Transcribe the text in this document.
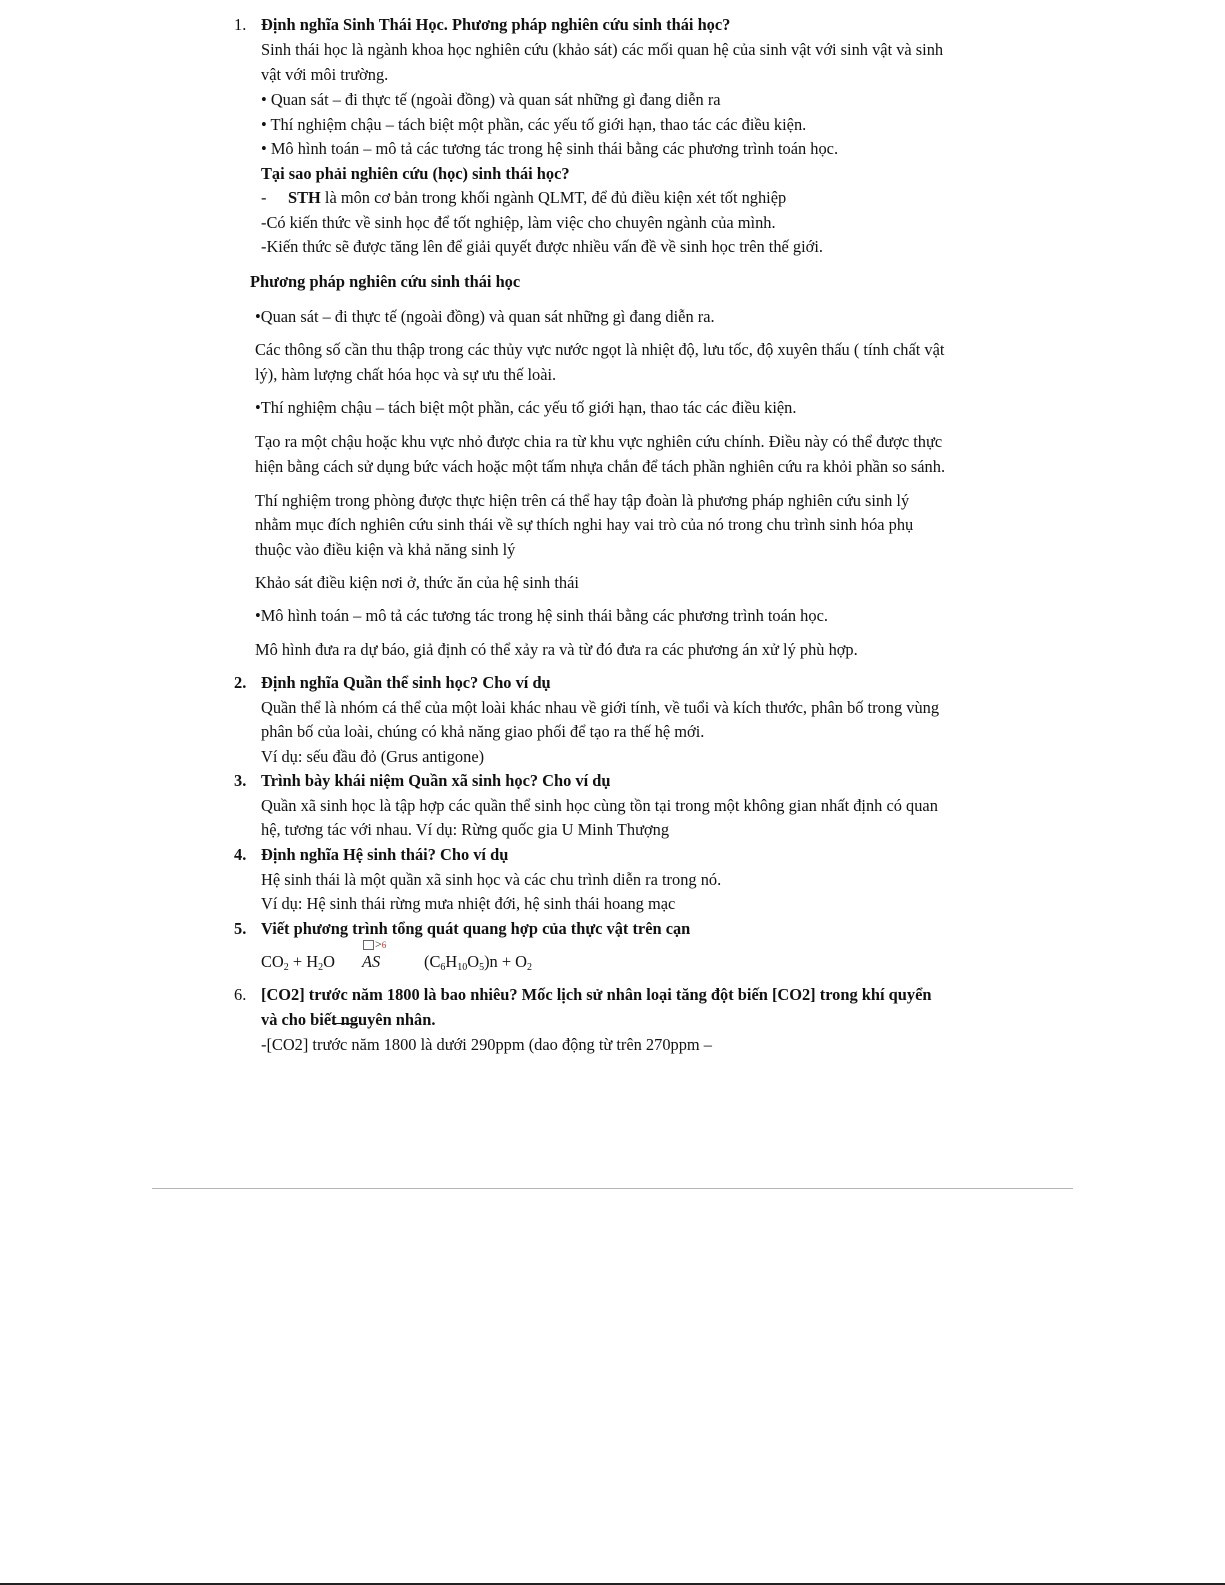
1. Định nghĩa Sinh Thái Học. Phương pháp nghiên cứu sinh thái học?
Sinh thái học là ngành khoa học nghiên cứu (khảo sát) các mối quan hệ của sinh vật với sinh vật và sinh
vật với môi trường.
• Quan sát – đi thực tế (ngoài đồng) và quan sát những gì đang diễn ra
• Thí nghiệm chậu – tách biệt một phần, các yếu tố giới hạn, thao tác các điều kiện.
• Mô hình toán – mô tả các tương tác trong hệ sinh thái bằng các phương trình toán học.
Tại sao phải nghiên cứu (học) sinh thái học?
- STH là môn cơ bản trong khối ngành QLMT, để đủ điều kiện xét tốt nghiệp
-Có kiến thức về sinh học để tốt nghiệp, làm việc cho chuyên ngành của mình.
-Kiến thức sẽ được tăng lên để giải quyết được nhiều vấn đề về sinh học trên thế giới.
Phương pháp nghiên cứu sinh thái học
•Quan sát – đi thực tế (ngoài đồng) và quan sát những gì đang diễn ra.
Các thông số cần thu thập trong các thủy vực nước ngọt là nhiệt độ, lưu tốc, độ xuyên thấu ( tính chất vật
lý), hàm lượng chất hóa học và sự ưu thế loài.
•Thí nghiệm chậu – tách biệt một phần, các yếu tố giới hạn, thao tác các điều kiện.
Tạo ra một chậu hoặc khu vực nhỏ được chia ra từ khu vực nghiên cứu chính. Điều này có thể được thực
hiện bằng cách sử dụng bức vách hoặc một tấm nhựa chắn để tách phần nghiên cứu ra khỏi phần so sánh.
Thí nghiệm trong phòng được thực hiện trên cá thể hay tập đoàn là phương pháp nghiên cứu sinh lý
nhằm mục đích nghiên cứu sinh thái về sự thích nghi hay vai trò của nó trong chu trình sinh hóa phụ
thuộc vào điều kiện và khả năng sinh lý
Khảo sát điều kiện nơi ở, thức ăn của hệ sinh thái
•Mô hình toán – mô tả các tương tác trong hệ sinh thái bằng các phương trình toán học.
Mô hình đưa ra dự báo, giả định có thể xảy ra và từ đó đưa ra các phương án xử lý phù hợp.
2. Định nghĩa Quần thể sinh học? Cho ví dụ
Quần thể là nhóm cá thể của một loài khác nhau về giới tính, về tuổi và kích thước, phân bố trong vùng
phân bố của loài, chúng có khả năng giao phối để tạo ra thế hệ mới.
Ví dụ: sếu đầu đỏ (Grus antigone)
3. Trình bày khái niệm Quần xã sinh học? Cho ví dụ
Quần xã sinh học là tập hợp các quần thể sinh học cùng tồn tại trong một không gian nhất định có quan
hệ, tương tác với nhau. Ví dụ: Rừng quốc gia U Minh Thượng
4. Định nghĩa Hệ sinh thái? Cho ví dụ
Hệ sinh thái là một quần xã sinh học và các chu trình diễn ra trong nó.
Ví dụ: Hệ sinh thái rừng mưa nhiệt đới, hệ sinh thái hoang mạc
5. Viết phương trình tổng quát quang hợp của thực vật trên cạn
>6
$CO_2 + H_2O$ AS	$(C_6H_{10}O_5)n + O_2$
6. [CO2] trước năm 1800 là bao nhiêu? Mốc lịch sử nhân loại tăng đột biến [CO2] trong khí quyển
và cho biết nguyên nhân.
-[CO2] trước năm 1800 là dưới 290ppm (dao động từ trên 270ppm –
